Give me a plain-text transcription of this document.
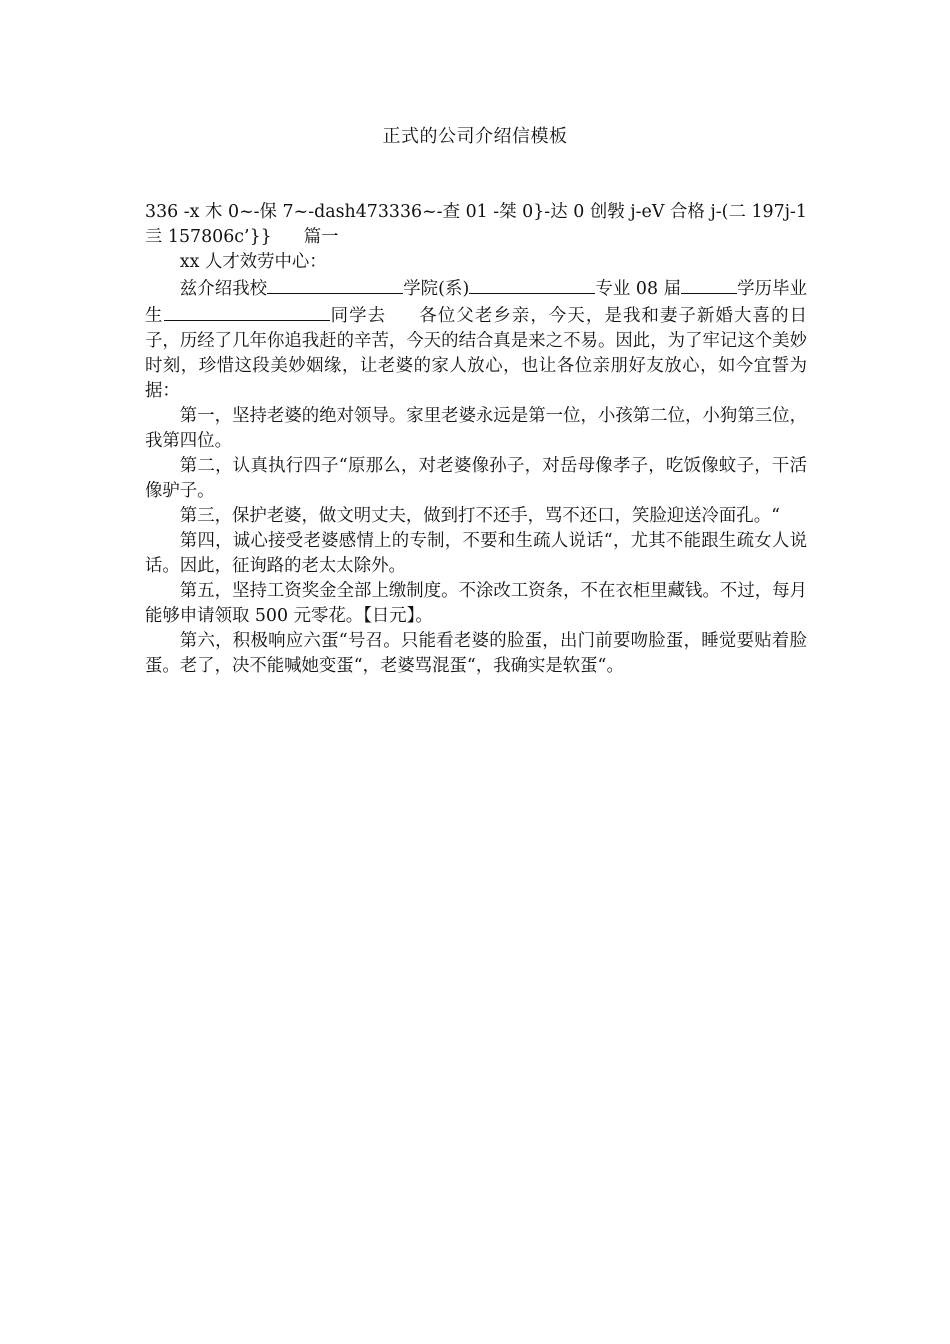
正式的公司介绍信模板

336 -x 木 0~-保 7~-dash473336~-查 01 -桀 0}-达 0 创斅 j-eV 合格 j-(二 197j-1 亖 157806c’}} 篇一

xx 人才效劳中心：

兹介绍我校	学院(系)	专业 08 届	学历毕业生	同学去 各位父老乡亲，今天，是我和妻子新婚大喜的日子，历经了几年你追我赶的辛苦，今天的结合真是来之不易。因此，为了牢记这个美妙时刻，珍惜这段美妙姻缘，让老婆的家人放心，也让各位亲朋好友放心，如今宜誓为据：

第一，坚持老婆的绝对领导。家里老婆永远是第一位，小孩第二位，小狗第三位，我第四位。

第二，认真执行四子“原那么，对老婆像孙子，对岳母像孝子，吃饭像蚊子，干活像驴子。

第三，保护老婆，做文明丈夫，做到打不还手，骂不还口，笑脸迎送冷面孔。“

第四，诚心接受老婆感情上的专制，不要和生疏人说话“，尤其不能跟生疏女人说话。因此，征询路的老太太除外。

第五，坚持工资奖金全部上缴制度。不涂改工资条，不在衣柜里藏钱。不过，每月能够申请领取 500 元零花。【日元】。

第六，积极响应六蛋“号召。只能看老婆的脸蛋，出门前要吻脸蛋，睡觉要贴着脸蛋。老了，决不能喊她变蛋“，老婆骂混蛋“，我确实是软蛋“。
